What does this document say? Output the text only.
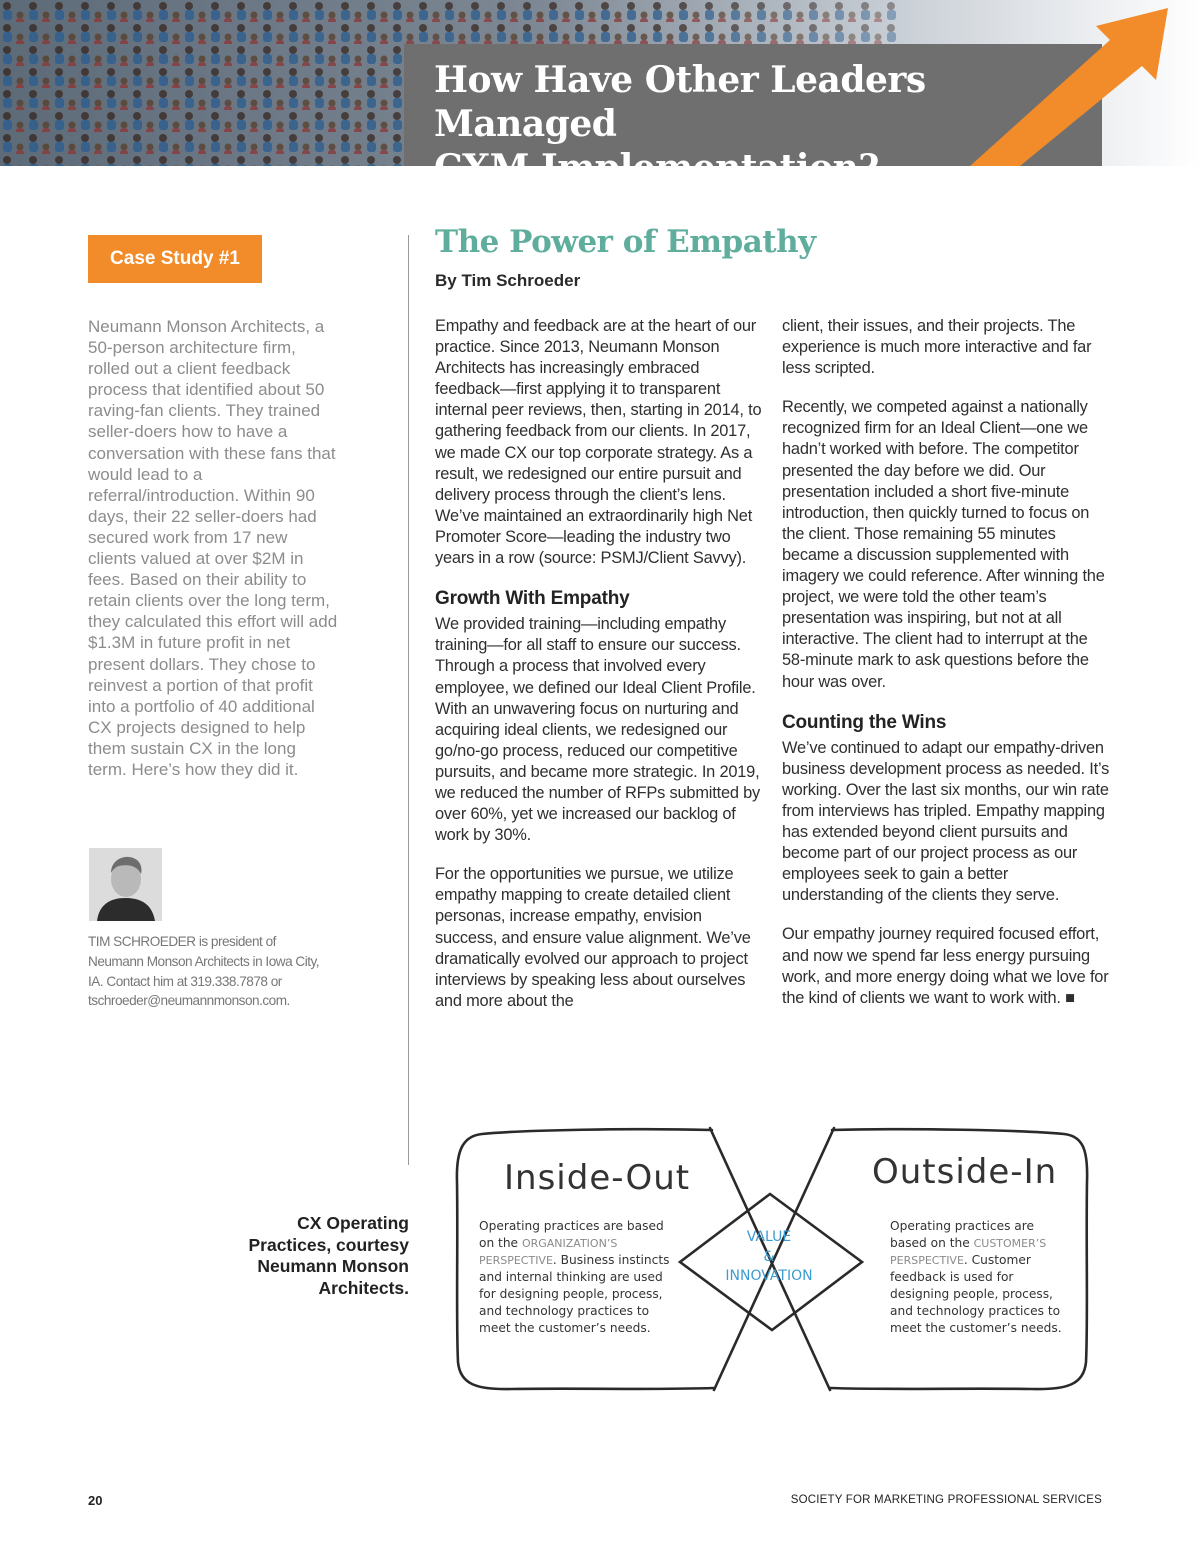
How Have Other Leaders Managed
CXM Implementation?
Case Study #1
Neumann Monson Architects, a 50-person architecture firm, rolled out a client feedback process that identified about 50 raving-fan clients. They trained seller-doers how to have a conversation with these fans that would lead to a referral/introduction. Within 90 days, their 22 seller-doers had secured work from 17 new clients valued at over $2M in fees. Based on their ability to retain clients over the long term, they calculated this effort will add $1.3M in future profit in net present dollars. They chose to reinvest a portion of that profit into a portfolio of 40 additional CX projects designed to help them sustain CX in the long term. Here’s how they did it.
TIM SCHROEDER is president of Neumann Monson Architects in Iowa City, IA. Contact him at 319.338.7878 or tschroeder@neumannmonson.com.
The Power of Empathy
By Tim Schroeder

Empathy and feedback are at the heart of our practice. Since 2013, Neumann Monson Architects has increasingly embraced feedback—first applying it to transparent internal peer reviews, then, starting in 2014, to gathering feedback from our clients. In 2017, we made CX our top corporate strategy. As a result, we redesigned our entire pursuit and delivery process through the client’s lens. We’ve maintained an extraordinarily high Net Promoter Score—leading the industry two years in a row (source: PSMJ/Client Savvy).

Growth With Empathy

We provided training—including empathy training—for all staff to ensure our success. Through a process that involved every employee, we defined our Ideal Client Profile. With an unwavering focus on nurturing and acquiring ideal clients, we redesigned our go/no-go process, reduced our competitive pursuits, and became more strategic. In 2019, we reduced the number of RFPs submitted by over 60%, yet we increased our backlog of work by 30%.

For the opportunities we pursue, we utilize empathy mapping to create detailed client personas, increase empathy, envision success, and ensure value alignment. We’ve dramatically evolved our approach to project interviews by speaking less about ourselves and more about the

client, their issues, and their projects. The experience is much more interactive and far less scripted.

Recently, we competed against a nationally recognized firm for an Ideal Client—one we hadn’t worked with before. The competitor presented the day before we did. Our presentation included a short five-minute introduction, then quickly turned to focus on the client. Those remaining 55 minutes became a discussion supplemented with imagery we could reference. After winning the project, we were told the other team’s presentation was inspiring, but not at all interactive. The client had to interrupt at the 58-minute mark to ask questions before the hour was over.

Counting the Wins

We’ve continued to adapt our empathy-driven business development process as needed. It’s working. Over the last six months, our win rate from interviews has tripled. Empathy mapping has extended beyond client pursuits and become part of our project process as our employees seek to gain a better understanding of the clients they serve.

Our empathy journey required focused effort, and now we spend far less energy pursuing work, and more energy doing what we love for the kind of clients we want to work with. ■

CX Operating Practices, courtesy Neumann Monson Architects.
Inside-Out	Outside-In
Operating practices are based on the ORGANIZATION’S PERSPECTIVE. Business instincts and internal thinking are used for designing people, process, and technology practices to meet the customer’s needs.
VALUE
&
INNOVATION
Operating practices are based on the CUSTOMER’S PERSPECTIVE. Customer feedback is used for designing people, process, and technology practices to meet the customer’s needs.
20	SOCIETY FOR MARKETING PROFESSIONAL SERVICES
